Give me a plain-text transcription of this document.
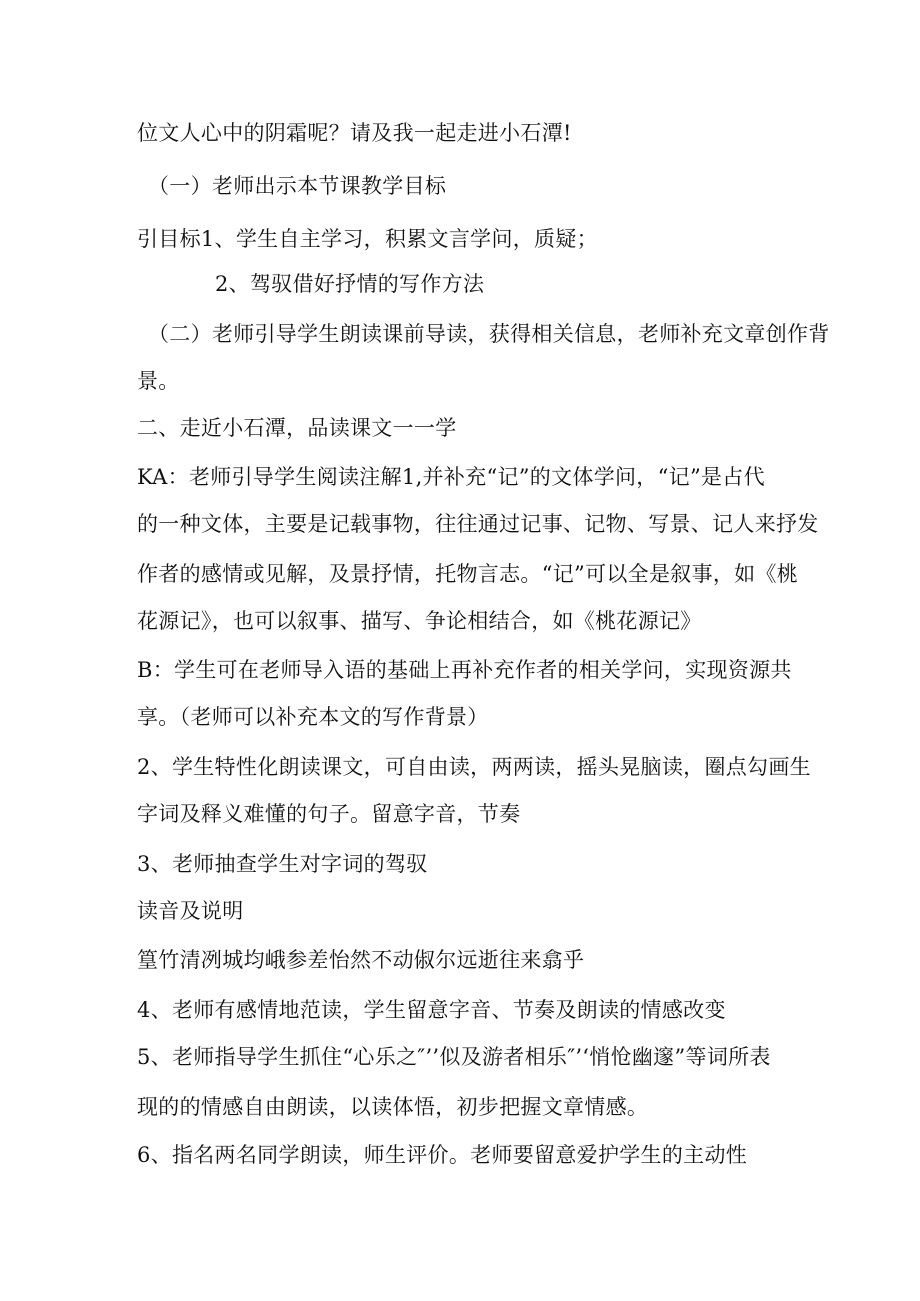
位文人心中的阴霜呢？请及我一起走进小石潭!
（一）老师出示本节课教学目标
引目标1、学生自主学习，积累文言学问，质疑；
2、驾驭借好抒情的写作方法
（二）老师引导学生朗读课前导读，获得相关信息，老师补充文章创作背
景。
二、走近小石潭，品读课文一一学
KA：老师引导学生阅读注解1,并补充“记”的文体学问，“记”是占代
的一种文体，主要是记载事物，往往通过记事、记物、写景、记人来抒发
作者的感情或见解，及景抒情，托物言志。“记”可以全是叙事，如《桃
花源记》，也可以叙事、描写、争论相结合，如《桃花源记》
B：学生可在老师导入语的基础上再补充作者的相关学问，实现资源共
享。（老师可以补充本文的写作背景）
2、学生特性化朗读课文，可自由读，两两读，摇头晃脑读，圈点勾画生
字词及释义难懂的句子。留意字音，节奏
3、老师抽查学生对字词的驾驭
读音及说明
篁竹清冽城均峨参差怡然不动俶尔远逝往来翕乎
4、老师有感情地范读，学生留意字音、节奏及朗读的情感改变
5、老师指导学生抓住“心乐之″’’似及游者相乐″’‘悄怆幽邃”等词所表
现的的情感自由朗读，以读体悟，初步把握文章情感。
6、指名两名同学朗读，师生评价。老师要留意爱护学生的主动性
